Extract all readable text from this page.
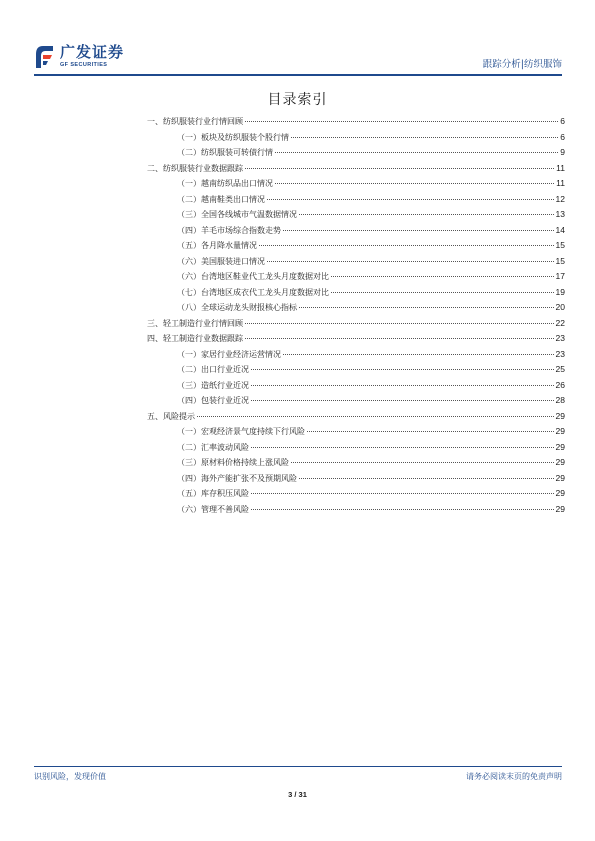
广发证券
GF SECURITIES	跟踪分析|纺织服饰
目录索引
一、纺织服装行业行情回顾	6
（一）板块及纺织服装个股行情	6
（二）纺织服装可转债行情	9
二、纺织服装行业数据跟踪	11
（一）越南纺织品出口情况	11
（二）越南鞋类出口情况	12
（三）全国各线城市气温数据情况	13
（四）羊毛市场综合指数走势	14
（五）各月降水量情况	15
（六）美国服装进口情况	15
（六）台湾地区鞋业代工龙头月度数据对比	17
（七）台湾地区成衣代工龙头月度数据对比	19
（八）全球运动龙头财报核心指标	20
三、轻工制造行业行情回顾	22
四、轻工制造行业数据跟踪	23
（一）家居行业经济运营情况	23
（二）出口行业近况	25
（三）造纸行业近况	26
（四）包装行业近况	28
五、风险提示	29
（一）宏观经济景气度持续下行风险	29
（二）汇率波动风险	29
（三）原材料价格持续上涨风险	29
（四）海外产能扩张不及预期风险	29
（五）库存积压风险	29
（六）管理不善风险	29
识别风险，发现价值	请务必阅读末页的免责声明
3 / 31
